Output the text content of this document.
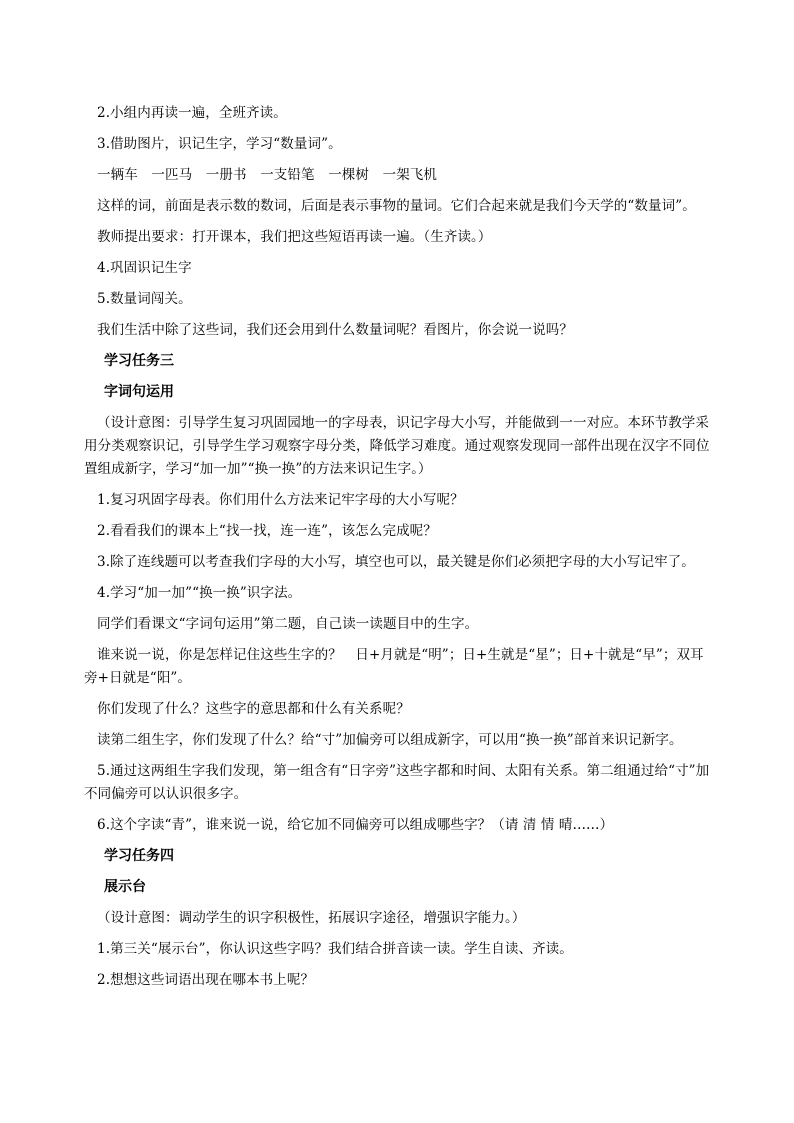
2.小组内再读一遍，全班齐读。

3.借助图片，识记生字，学习“数量词”。

一辆车　一匹马　一册书　一支铅笔　一棵树　一架飞机

这样的词，前面是表示数的数词，后面是表示事物的量词。它们合起来就是我们今天学的“数量词”。

教师提出要求：打开课本，我们把这些短语再读一遍。（生齐读。）

4.巩固识记生字

5.数量词闯关。

我们生活中除了这些词，我们还会用到什么数量词呢？看图片，你会说一说吗？

学习任务三
字词句运用

（设计意图：引导学生复习巩固园地一的字母表，识记字母大小写，并能做到一一对应。本环节教学采用分类观察识记，引导学生学习观察字母分类，降低学习难度。通过观察发现同一部件出现在汉字不同位置组成新字，学习“加一加”“换一换”的方法来识记生字。）

1.复习巩固字母表。你们用什么方法来记牢字母的大小写呢？

2.看看我们的课本上“找一找，连一连”，该怎么完成呢？

3.除了连线题可以考查我们字母的大小写，填空也可以，最关键是你们必须把字母的大小写记牢了。

4.学习“加一加”“换一换”识字法。

同学们看课文“字词句运用”第二题，自己读一读题目中的生字。

谁来说一说，你是怎样记住这些生字的？　日+月就是“明”；日+生就是“星”；日+十就是“早”；双耳旁+日就是“阳”。

你们发现了什么？这些字的意思都和什么有关系呢？

读第二组生字，你们发现了什么？给“寸”加偏旁可以组成新字，可以用“换一换”部首来识记新字。

5.通过这两组生字我们发现，第一组含有“日字旁”这些字都和时间、太阳有关系。第二组通过给“寸”加不同偏旁可以认识很多字。

6.这个字读“青”，谁来说一说，给它加不同偏旁可以组成哪些字？（请 清 情 晴……）

学习任务四
展示台

（设计意图：调动学生的识字积极性，拓展识字途径，增强识字能力。）

1.第三关“展示台”，你认识这些字吗？我们结合拼音读一读。学生自读、齐读。

2.想想这些词语出现在哪本书上呢？
